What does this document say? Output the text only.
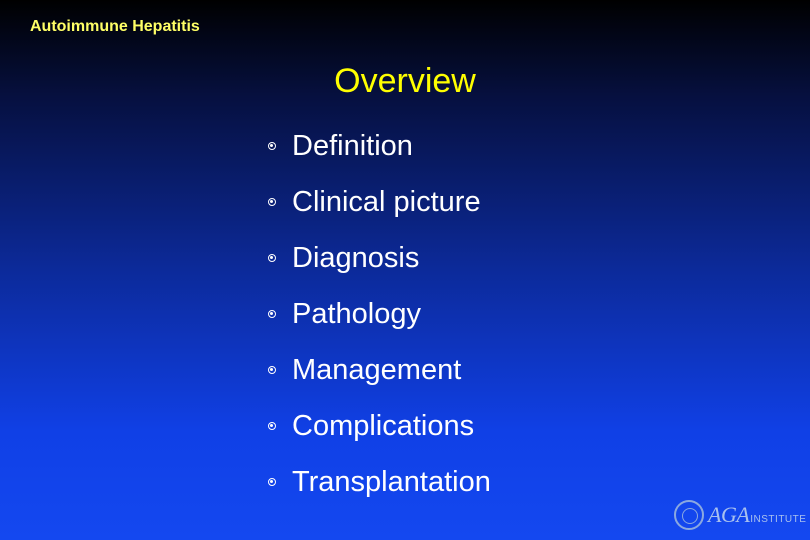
Autoimmune Hepatitis
Overview
Definition
Clinical picture
Diagnosis
Pathology
Management
Complications
Transplantation
AGA INSTITUTE
